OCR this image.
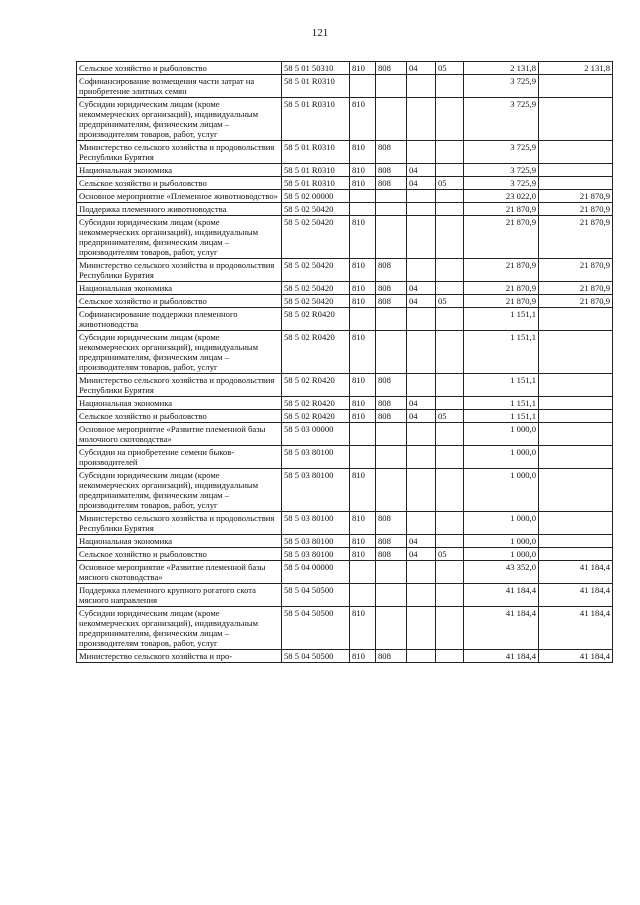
121
Сельское хозяйство и рыболовство	58 5 01 50310	810	808	04	05	2 131,8	2 131,8
Софинансирование возмещения части затрат на приобретение элитных семян	58 5 01 R0310					3 725,9	
Субсидии юридическим лицам (кроме некоммерческих организаций), индивидуальным предпринимателям, физическим лицам – производителям товаров, работ, услуг	58 5 01 R0310	810				3 725,9	
Министерство сельского хозяйства и продовольствия Республики Бурятия	58 5 01 R0310	810	808			3 725,9	
Национальная экономика	58 5 01 R0310	810	808	04		3 725,9	
Сельское хозяйство и рыболовство	58 5 01 R0310	810	808	04	05	3 725,9	
Основное мероприятие «Племенное животноводство»	58 5 02 00000					23 022,0	21 870,9
Поддержка племенного животноводства	58 5 02 50420					21 870,9	21 870,9
Субсидии юридическим лицам (кроме некоммерческих организаций), индивидуальным предпринимателям, физическим лицам – производителям товаров, работ, услуг	58 5 02 50420	810				21 870,9	21 870,9
Министерство сельского хозяйства и продовольствия Республики Бурятия	58 5 02 50420	810	808			21 870,9	21 870,9
Национальная экономика	58 5 02 50420	810	808	04		21 870,9	21 870,9
Сельское хозяйство и рыболовство	58 5 02 50420	810	808	04	05	21 870,9	21 870,9
Софинансирование поддержки племенного животноводства	58 5 02 R0420					1 151,1	
Субсидии юридическим лицам (кроме некоммерческих организаций), индивидуальным предпринимателям, физическим лицам – производителям товаров, работ, услуг	58 5 02 R0420	810				1 151,1	
Министерство сельского хозяйства и продовольствия Республики Бурятия	58 5 02 R0420	810	808			1 151,1	
Национальная экономика	58 5 02 R0420	810	808	04		1 151,1	
Сельское хозяйство и рыболовство	58 5 02 R0420	810	808	04	05	1 151,1	
Основное мероприятие «Развитие племенной базы молочного скотоводства»	58 5 03 00000					1 000,0	
Субсидии на приобретение семени быков-производителей	58 5 03 80100					1 000,0	
Субсидии юридическим лицам (кроме некоммерческих организаций), индивидуальным предпринимателям, физическим лицам – производителям товаров, работ, услуг	58 5 03 80100	810				1 000,0	
Министерство сельского хозяйства и продовольствия Республики Бурятия	58 5 03 80100	810	808			1 000,0	
Национальная экономика	58 5 03 80100	810	808	04		1 000,0	
Сельское хозяйство и рыболовство	58 5 03 80100	810	808	04	05	1 000,0	
Основное мероприятие «Развитие племенной базы мясного скотоводства»	58 5 04 00000					43 352,0	41 184,4
Поддержка племенного крупного рогатого скота мясного направления	58 5 04 50500					41 184,4	41 184,4
Субсидии юридическим лицам (кроме некоммерческих организаций), индивидуальным предпринимателям, физическим лицам – производителям товаров, работ, услуг	58 5 04 50500	810				41 184,4	41 184,4
Министерство сельского хозяйства и про-	58 5 04 50500	810	808			41 184,4	41 184,4
